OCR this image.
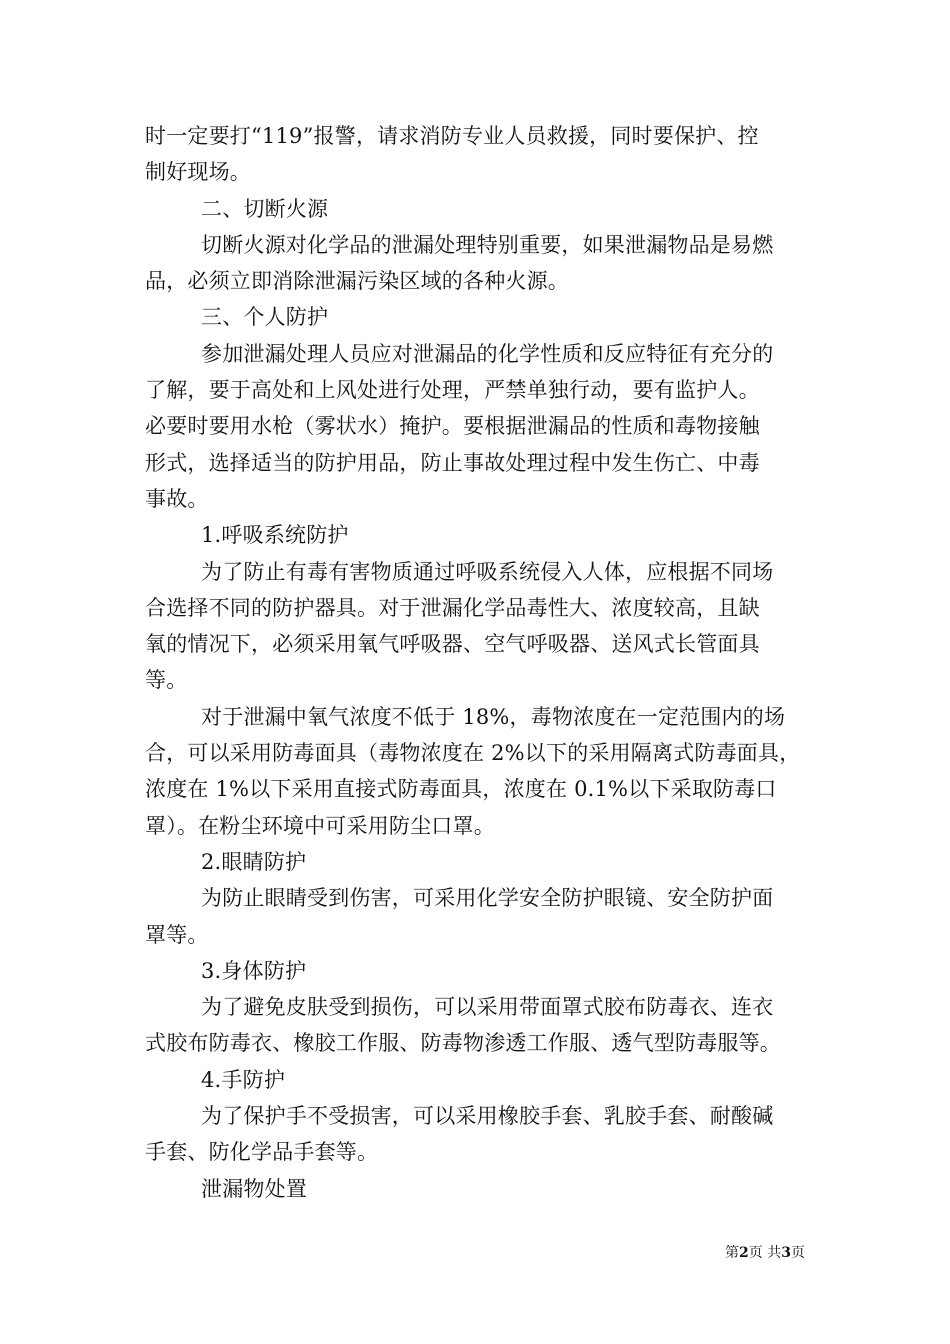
时一定要打“119”报警，请求消防专业人员救援，同时要保护、控
制好现场。
二、切断火源
切断火源对化学品的泄漏处理特别重要，如果泄漏物品是易燃
品，必须立即消除泄漏污染区域的各种火源。
三、个人防护
参加泄漏处理人员应对泄漏品的化学性质和反应特征有充分的
了解，要于高处和上风处进行处理，严禁单独行动，要有监护人。
必要时要用水枪（雾状水）掩护。要根据泄漏品的性质和毒物接触
形式，选择适当的防护用品，防止事故处理过程中发生伤亡、中毒
事故。
1.呼吸系统防护
为了防止有毒有害物质通过呼吸系统侵入人体，应根据不同场
合选择不同的防护器具。对于泄漏化学品毒性大、浓度较高，且缺
氧的情况下，必须采用氧气呼吸器、空气呼吸器、送风式长管面具
等。
对于泄漏中氧气浓度不低于 18%，毒物浓度在一定范围内的场
合，可以采用防毒面具（毒物浓度在 2%以下的采用隔离式防毒面具，
浓度在 1%以下采用直接式防毒面具，浓度在 0.1%以下采取防毒口
罩）。在粉尘环境中可采用防尘口罩。
2.眼睛防护
为防止眼睛受到伤害，可采用化学安全防护眼镜、安全防护面
罩等。
3.身体防护
为了避免皮肤受到损伤，可以采用带面罩式胶布防毒衣、连衣
式胶布防毒衣、橡胶工作服、防毒物渗透工作服、透气型防毒服等。
4.手防护
为了保护手不受损害，可以采用橡胶手套、乳胶手套、耐酸碱
手套、防化学品手套等。
泄漏物处置
第2页 共3页
